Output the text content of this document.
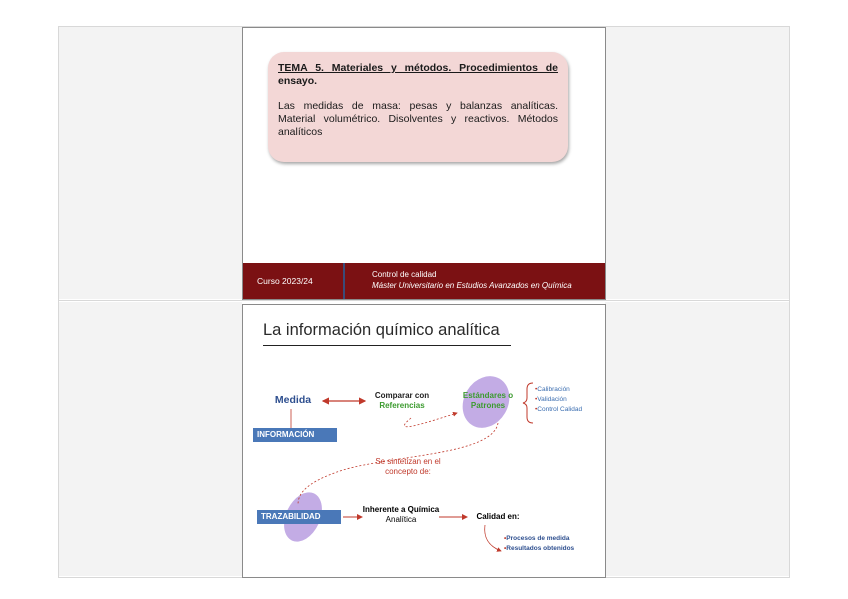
TEMA 5. Materiales y métodos. Procedimientos de ensayo.
Las medidas de masa: pesas y balanzas analíticas. Material volumétrico. Disolventes y reactivos. Métodos analíticos
Curso 2023/24
Control de calidad
Máster Universitario en Estudios Avanzados en Química
La información químico analítica
Medida	Comparar con
Referencias
Estándares o
Patrones
•Calibración
•Validación
•Control Calidad
INFORMACIÓN
Se sintetizan en el
concepto de:
TRAZABILIDAD
Inherente a Química
Analítica	Calidad en:
•Procesos de medida
•Resultados obtenidos
